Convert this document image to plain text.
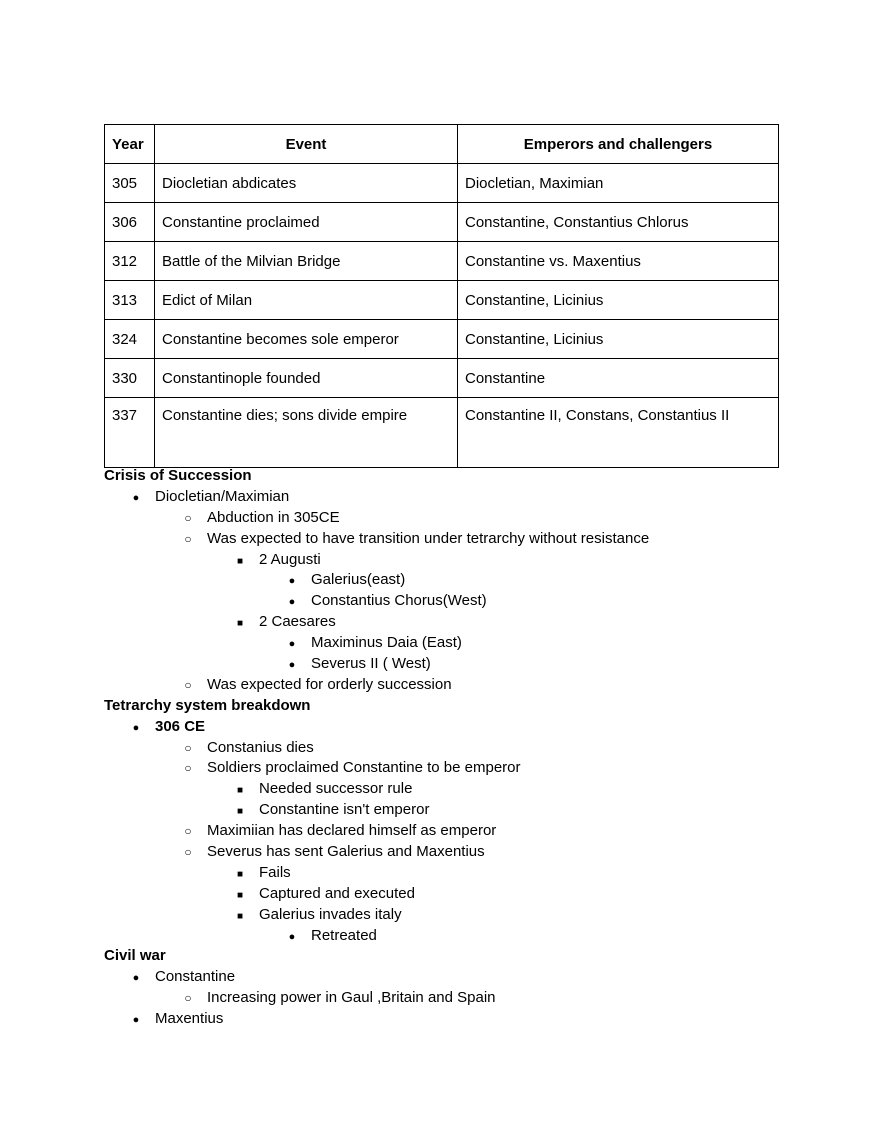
Year	Event	Emperors and challengers
305	Diocletian abdicates	Diocletian, Maximian
306	Constantine proclaimed	Constantine, Constantius Chlorus
312	Battle of the Milvian Bridge	Constantine vs. Maxentius
313	Edict of Milan	Constantine, Licinius
324	Constantine becomes sole emperor	Constantine, Licinius
330	Constantinople founded	Constantine
337	Constantine dies; sons divide empire	Constantine II, Constans, Constantius II
Crisis of Succession
●
Diocletian/Maximian
○
Abduction in 305CE
○
Was expected to have transition under tetrarchy without resistance
■
2 Augusti
●
Galerius(east)
●
Constantius Chorus(West)
■
2 Caesares
●
Maximinus Daia (East)
●
Severus II ( West)
○
Was expected for orderly succession
Tetrarchy system breakdown
●
306 CE
○
Constanius dies
○
Soldiers proclaimed Constantine to be emperor
■
Needed successor rule
■
Constantine isn't emperor
○
Maximiian has declared himself as emperor
○
Severus has sent Galerius and Maxentius
■
Fails
■
Captured and executed
■
Galerius invades italy
●
Retreated
Civil war
●
Constantine
○
Increasing power in Gaul ,Britain and Spain
●
Maxentius
